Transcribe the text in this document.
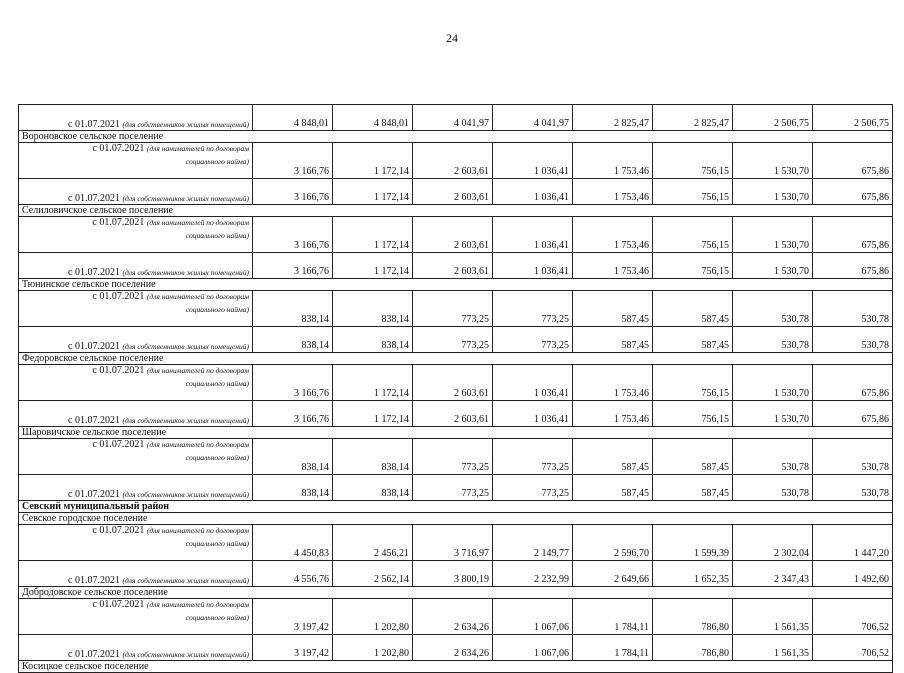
24
с 01.07.2021 (для собственников жилых помещений)	4 848,01	4 848,01	4 041,97	4 041,97	2 825,47	2 825,47	2 506,75	2 506,75
Вороновское сельское поселение								

с 01.07.2021 (для нанимателей по договорам
социального найма)	3 166,76	1 172,14	2 603,61	1 036,41	1 753,46	756,15	1 530,70	675,86
с 01.07.2021 (для собственников жилых помещений)	3 166,76	1 172,14	2 603,61	1 036,41	1 753,46	756,15	1 530,70	675,86
Селиловичское сельское поселение								

с 01.07.2021 (для нанимателей по договорам
социального найма)	3 166,76	1 172,14	2 603,61	1 036,41	1 753,46	756,15	1 530,70	675,86
с 01.07.2021 (для собственников жилых помещений)	3 166,76	1 172,14	2 603,61	1 036,41	1 753,46	756,15	1 530,70	675,86
Тюнинское сельское поселение								

с 01.07.2021 (для нанимателей по договорам
социального найма)	838,14	838,14	773,25	773,25	587,45	587,45	530,78	530,78
с 01.07.2021 (для собственников жилых помещений)	838,14	838,14	773,25	773,25	587,45	587,45	530,78	530,78
Федоровское сельское поселение								

с 01.07.2021 (для нанимателей по договорам
социального найма)	3 166,76	1 172,14	2 603,61	1 036,41	1 753,46	756,15	1 530,70	675,86
с 01.07.2021 (для собственников жилых помещений)	3 166,76	1 172,14	2 603,61	1 036,41	1 753,46	756,15	1 530,70	675,86
Шаровичское сельское поселение								

с 01.07.2021 (для нанимателей по договорам
социального найма)	838,14	838,14	773,25	773,25	587,45	587,45	530,78	530,78
с 01.07.2021 (для собственников жилых помещений)	838,14	838,14	773,25	773,25	587,45	587,45	530,78	530,78
Севский муниципальный район								
Севское городское поселение								

с 01.07.2021 (для нанимателей по договорам
социального найма)	4 450,83	2 456,21	3 716,97	2 149,77	2 596,70	1 599,39	2 302,04	1 447,20
с 01.07.2021 (для собственников жилых помещений)	4 556,76	2 562,14	3 800,19	2 232,99	2 649,66	1 652,35	2 347,43	1 492,60
Добродовское сельское поселение								

с 01.07.2021 (для нанимателей по договорам
социального найма)	3 197,42	1 202,80	2 634,26	1 067,06	1 784,11	786,80	1 561,35	706,52
с 01.07.2021 (для собственников жилых помещений)	3 197,42	1 202,80	2 634,26	1 067,06	1 784,11	786,80	1 561,35	706,52
Косицкое сельское поселение								
